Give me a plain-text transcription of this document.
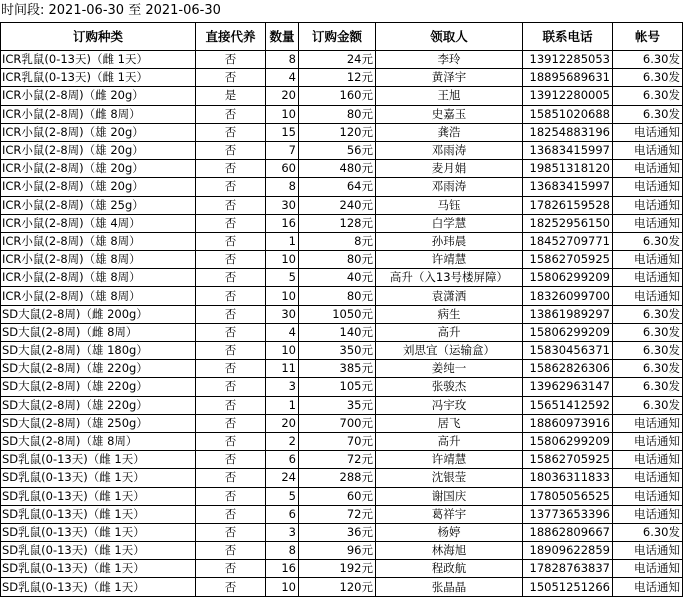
时间段: 2021-06-30 至 2021-06-30
订购种类	直接代养	数量	订购金额	领取人	联系电话	帐号
ICR乳鼠(0-13天)（雌 1天）	否	8	24元	李玲	13912285053	6.30发
ICR乳鼠(0-13天)（雌 1天）	否	4	12元	黄泽宇	18895689631	6.30发
ICR小鼠(2-8周)（雌 20g）	是	20	160元	王旭	13912280005	6.30发
ICR小鼠(2-8周)（雌 8周）	否	10	80元	史嘉玉	15851020688	6.30发
ICR小鼠(2-8周)（雄 20g）	否	15	120元	龚浩	18254883196	电话通知
ICR小鼠(2-8周)（雄 20g）	否	7	56元	邓雨涛	13683415997	电话通知
ICR小鼠(2-8周)（雄 20g）	否	60	480元	麦月娟	19851318120	电话通知
ICR小鼠(2-8周)（雄 20g）	否	8	64元	邓雨涛	13683415997	电话通知
ICR小鼠(2-8周)（雄 25g）	否	30	240元	马钰	17826159528	电话通知
ICR小鼠(2-8周)（雄 4周）	否	16	128元	白学慧	18252956150	电话通知
ICR小鼠(2-8周)（雄 8周）	否	1	8元	孙玮晨	18452709771	6.30发
ICR小鼠(2-8周)（雄 8周）	否	10	80元	许靖慧	15862705925	电话通知
ICR小鼠(2-8周)（雄 8周）	否	5	40元	高升（入13号楼屏障）	15806299209	电话通知
ICR小鼠(2-8周)（雄 8周）	否	10	80元	袁潇洒	18326099700	电话通知
SD大鼠(2-8周)（雌 200g）	否	30	1050元	病生	13861989297	6.30发
SD大鼠(2-8周)（雌 8周）	否	4	140元	高升	15806299209	6.30发
SD大鼠(2-8周)（雄 180g）	否	10	350元	刘思宜（运输盒）	15830456371	6.30发
SD大鼠(2-8周)（雄 220g）	否	11	385元	姜纯一	15862826306	6.30发
SD大鼠(2-8周)（雄 220g）	否	3	105元	张骏杰	13962963147	6.30发
SD大鼠(2-8周)（雄 220g）	否	1	35元	冯宇玫	15651412592	6.30发
SD大鼠(2-8周)（雄 250g）	否	20	700元	居飞	18860973916	电话通知
SD大鼠(2-8周)（雄 8周）	否	2	70元	高升	15806299209	电话通知
SD乳鼠(0-13天)（雌 1天）	否	6	72元	许靖慧	15862705925	电话通知
SD乳鼠(0-13天)（雌 1天）	否	24	288元	沈银莹	18036311833	电话通知
SD乳鼠(0-13天)（雌 1天）	否	5	60元	谢国庆	17805056525	电话通知
SD乳鼠(0-13天)（雌 1天）	否	6	72元	葛祥宇	13773653396	电话通知
SD乳鼠(0-13天)（雌 1天）	否	3	36元	杨婷	18862809667	6.30发
SD乳鼠(0-13天)（雌 1天）	否	8	96元	林海旭	18909622859	电话通知
SD乳鼠(0-13天)（雌 1天）	否	16	192元	程政航	17828763837	电话通知
SD乳鼠(0-13天)（雌 1天）	否	10	120元	张晶晶	15051251266	电话通知
